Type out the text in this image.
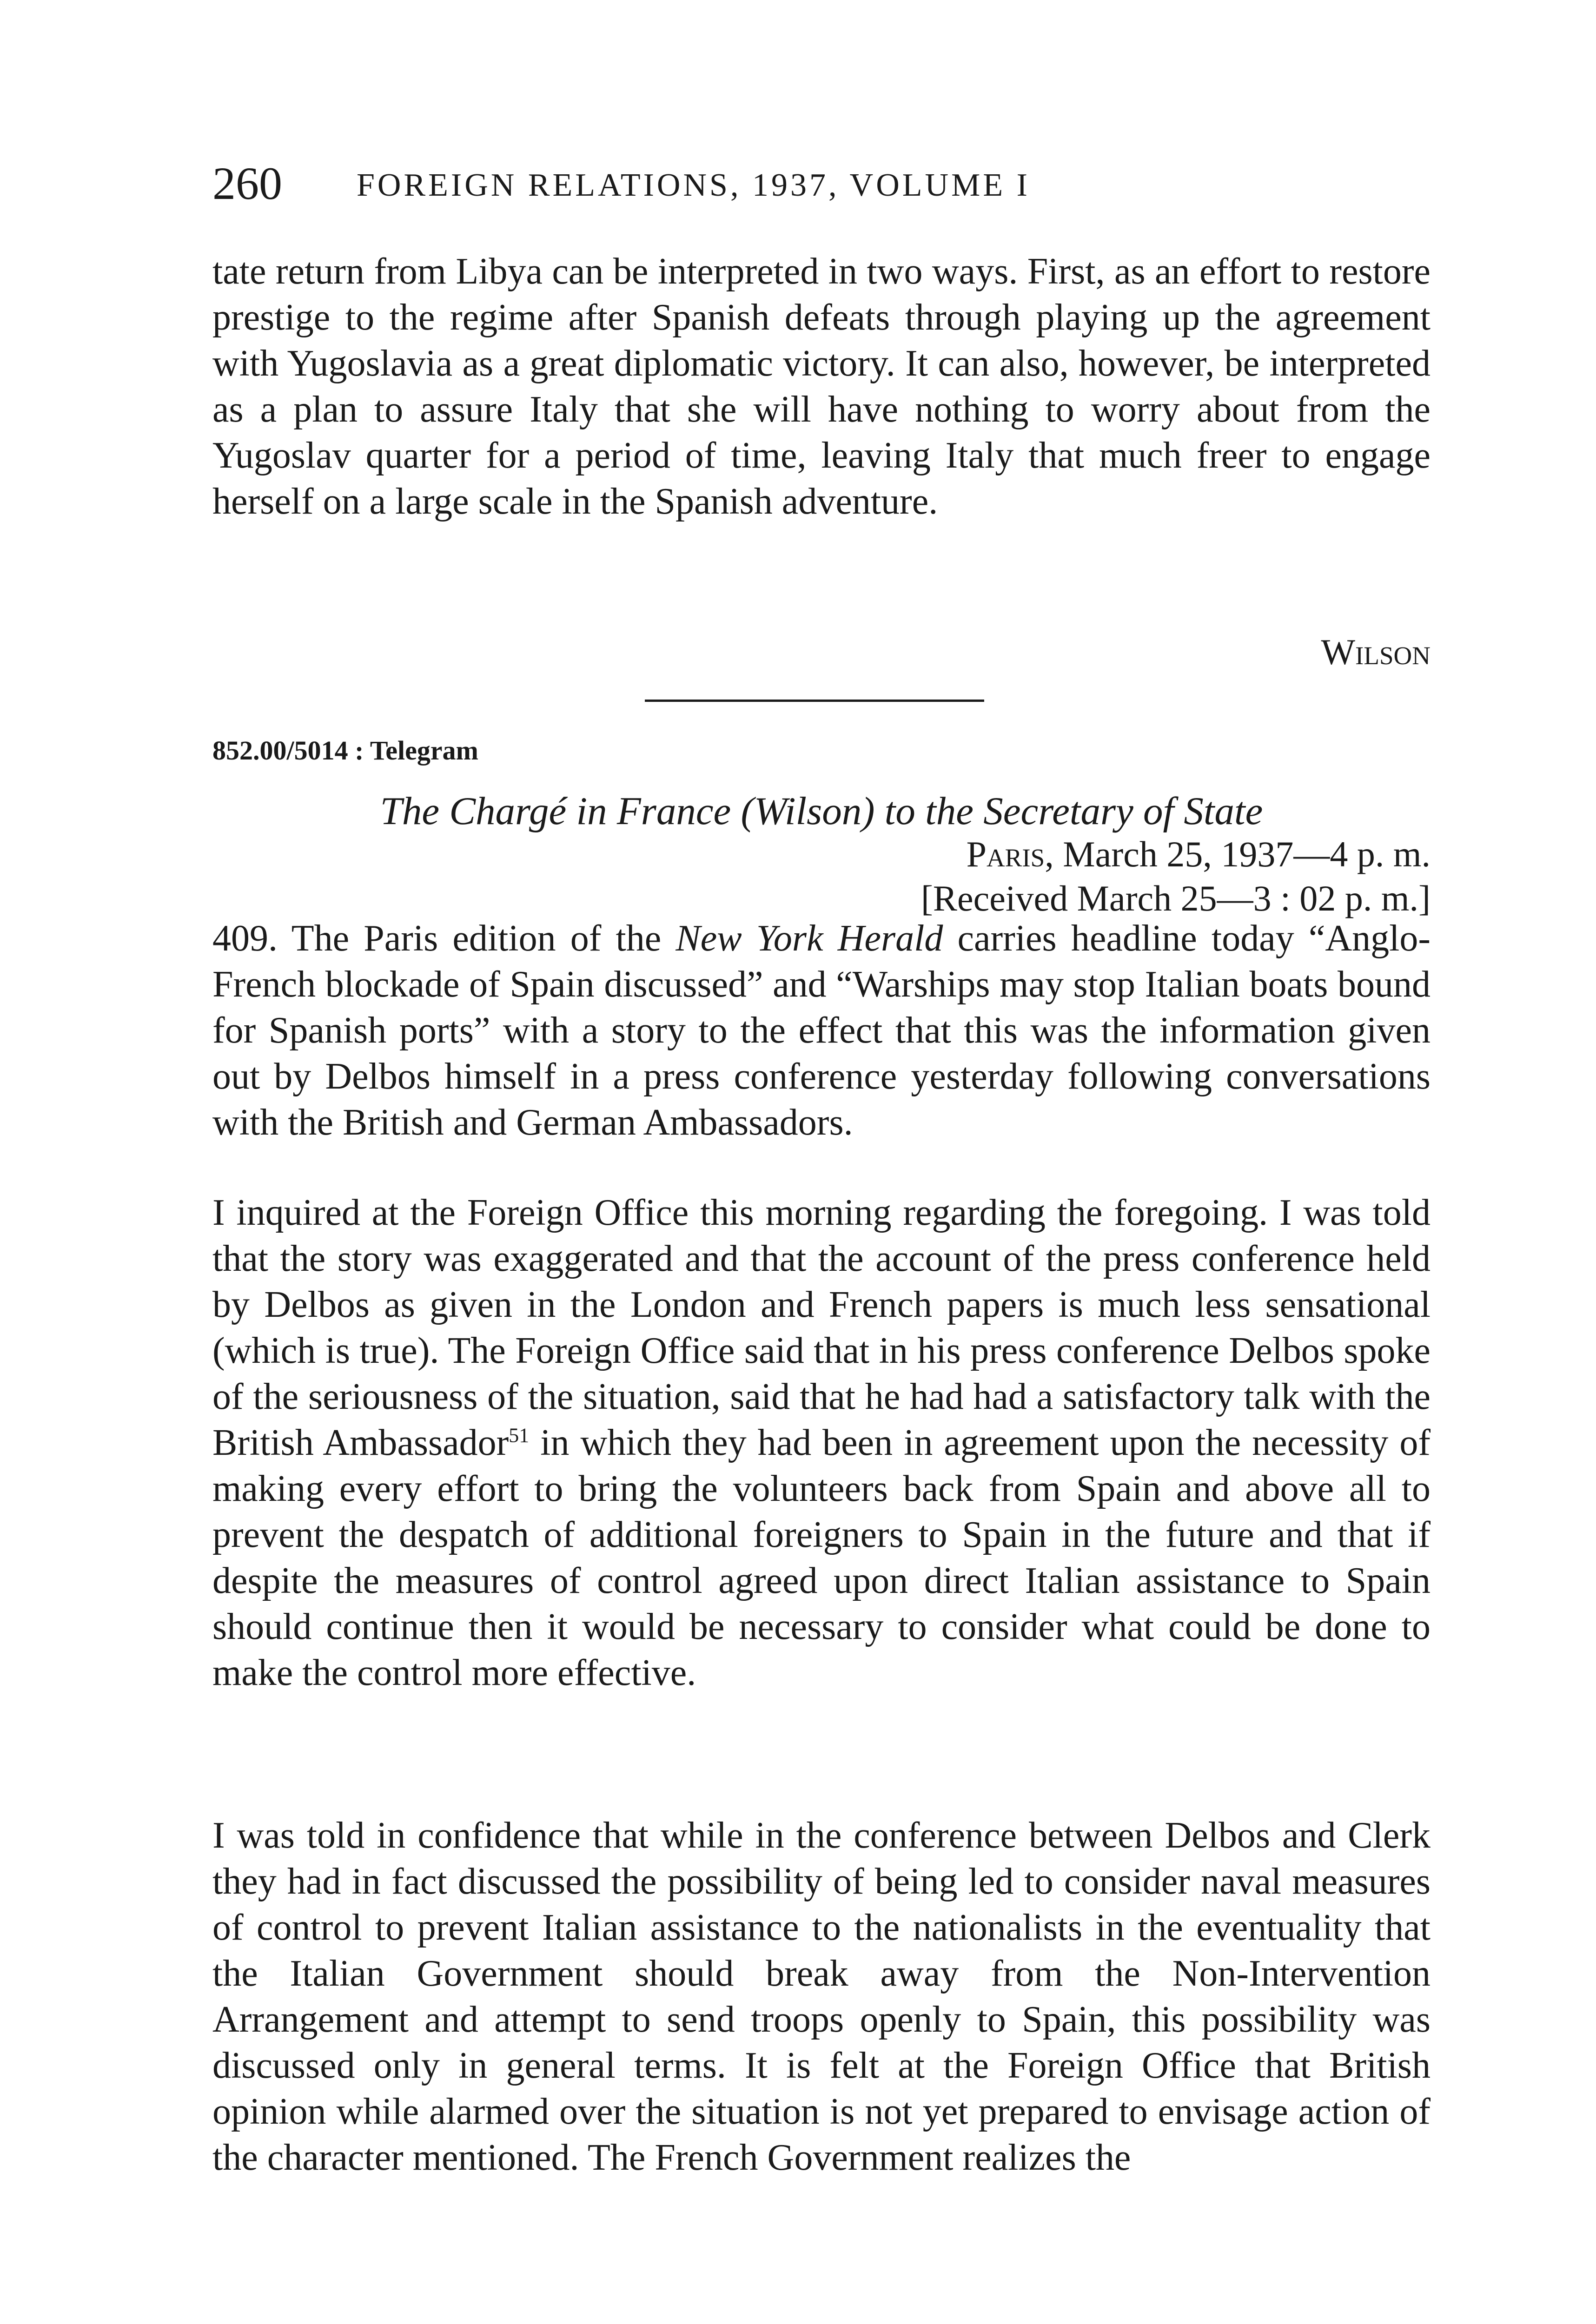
260 FOREIGN RELATIONS, 1937, VOLUME I

tate return from Libya can be interpreted in two ways. First, as an effort to restore prestige to the regime after Spanish defeats through playing up the agreement with Yugoslavia as a great diplomatic victory. It can also, however, be interpreted as a plan to assure Italy that she will have nothing to worry about from the Yugoslav quarter for a period of time, leaving Italy that much freer to engage herself on a large scale in the Spanish adventure.

Wilson
852.00/5014 : Telegram
The Chargé in France (Wilson) to the Secretary of State
Paris, March 25, 1937—4 p. m.
[Received March 25—3 : 02 p. m.]

409. The Paris edition of the New York Herald carries headline today “Anglo-French blockade of Spain discussed” and “Warships may stop Italian boats bound for Spanish ports” with a story to the effect that this was the information given out by Delbos himself in a press conference yesterday following conversations with the British and German Ambassadors.

I inquired at the Foreign Office this morning regarding the foregoing. I was told that the story was exaggerated and that the account of the press conference held by Delbos as given in the London and French papers is much less sensational (which is true). The Foreign Office said that in his press conference Delbos spoke of the seriousness of the situation, said that he had had a satisfactory talk with the British Ambassador$^{51}$ in which they had been in agreement upon the necessity of making every effort to bring the volunteers back from Spain and above all to prevent the despatch of additional foreigners to Spain in the future and that if despite the measures of control agreed upon direct Italian assistance to Spain should continue then it would be necessary to consider what could be done to make the control more effective.

I was told in confidence that while in the conference between Delbos and Clerk they had in fact discussed the possibility of being led to consider naval measures of control to prevent Italian assistance to the nationalists in the eventuality that the Italian Government should break away from the Non-Intervention Arrangement and attempt to send troops openly to Spain, this possibility was discussed only in general terms. It is felt at the Foreign Office that British opinion while alarmed over the situation is not yet prepared to envisage action of the character mentioned. The French Government realizes the
